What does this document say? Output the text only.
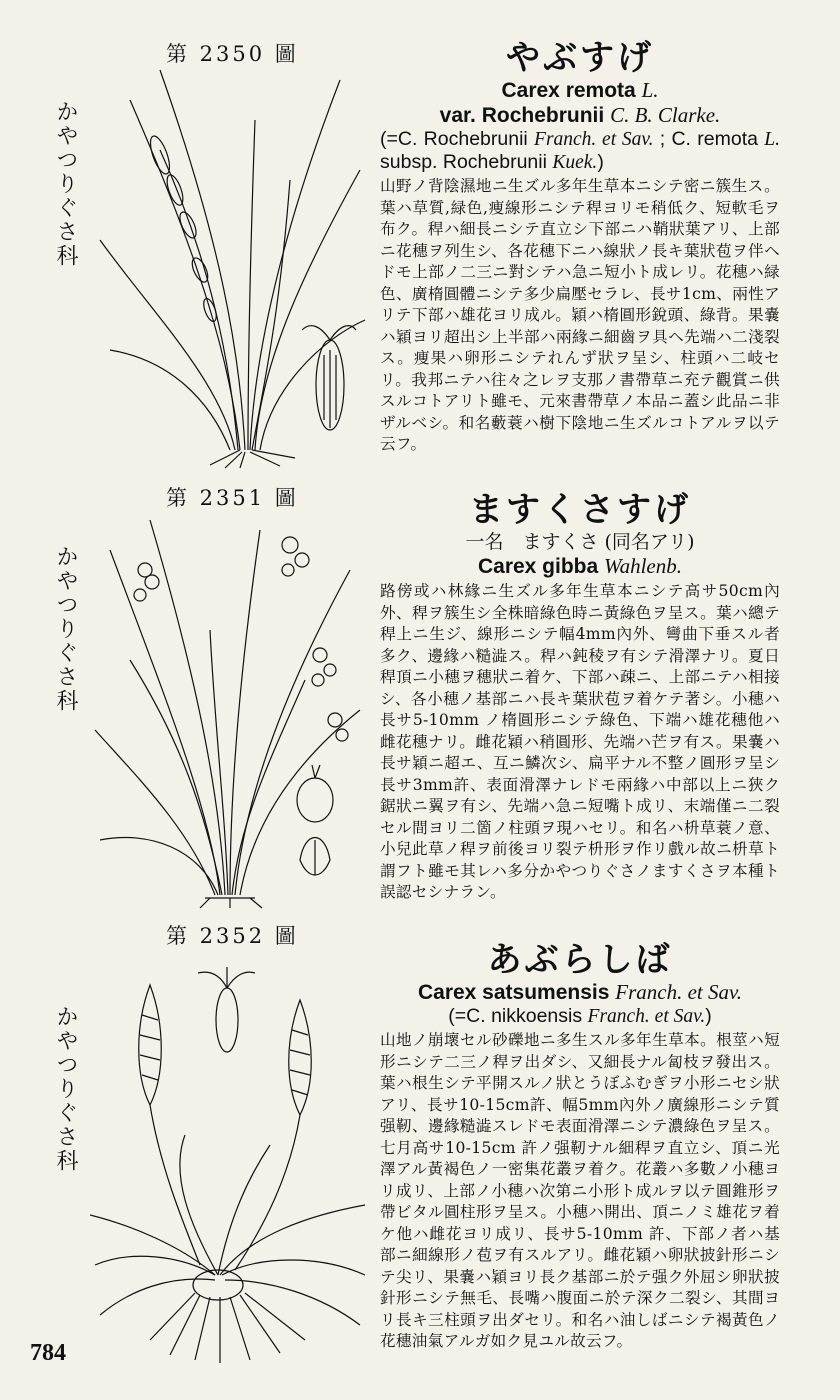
第 2350 圖
かやつりぐさ科
やぶすげ
Carex remota L.
var. Rochebrunii C. B. Clarke.
(=C. Rochebrunii Franch. et Sav. ; C. remota L. subsp. Rochebrunii Kuek.)
山野ノ背陰濕地ニ生ズル多年生草本ニシテ密ニ簇生ス。葉ハ草質,緑色,痩線形ニシテ稈ヨリモ稍低ク、短軟毛ヲ布ク。稈ハ細長ニシテ直立シ下部ニハ鞘狀葉アリ、上部ニ花穗ヲ列生シ、各花穗下ニハ線狀ノ長キ葉狀苞ヲ伴ヘドモ上部ノ二三ニ對シテハ急ニ短小ト成レリ。花穗ハ緑色、廣楕圓體ニシテ多少扁壓セラレ、長サ1cm、兩性アリテ下部ハ雄花ヨリ成ル。穎ハ楕圓形銳頭、綠背。果嚢ハ穎ヨリ超出シ上半部ハ兩緣ニ細齒ヲ具ヘ先端ハ二淺裂ス。痩果ハ卵形ニシテれんず狀ヲ呈シ、柱頭ハ二岐セリ。我邦ニテハ往々之レヲ支那ノ書帶草ニ充テ觀賞ニ供スルコトアリト雖モ、元來書帶草ノ本品ニ蓋シ此品ニ非ザルベシ。和名藪蓑ハ樹下陰地ニ生ズルコトアルヲ以テ云フ。
第 2351 圖
かやつりぐさ科
ますくさすげ
一名　ますくさ (同名アリ)
Carex gibba Wahlenb.
路傍或ハ林緣ニ生ズル多年生草本ニシテ高サ50cm內外、稈ヲ簇生シ全株暗綠色時ニ黃綠色ヲ呈ス。葉ハ總テ稈上ニ生ジ、線形ニシテ幅4mm內外、彎曲下垂スル者多ク、邊緣ハ糙澁ス。稈ハ鈍稜ヲ有シテ滑澤ナリ。夏日稈頂ニ小穗ヲ穗狀ニ着ケ、下部ハ疎ニ、上部ニテハ相接シ、各小穗ノ基部ニハ長キ葉狀苞ヲ着ケテ著シ。小穗ハ長サ5-10mm ノ楕圓形ニシテ綠色、下端ハ雄花穗他ハ雌花穗ナリ。雌花穎ハ稍圓形、先端ハ芒ヲ有ス。果嚢ハ長サ穎ニ超エ、互ニ鱗次シ、扁平ナル不整ノ圓形ヲ呈シ長サ3mm許、表面滑澤ナレドモ兩緣ハ中部以上ニ狹ク鋸狀ニ翼ヲ有シ、先端ハ急ニ短嘴ト成リ、末端僅ニ二裂セル間ヨリ二箇ノ柱頭ヲ現ハセリ。和名ハ枡草蓑ノ意、小兒此草ノ稈ヲ前後ヨリ裂テ枡形ヲ作リ戲ル故ニ枡草ト謂フト雖モ其レハ多分かやつりぐさノますくさヲ本種ト誤認セシナラン。
第 2352 圖
かやつりぐさ科
あぶらしば
Carex satsumensis Franch. et Sav.
(=C. nikkoensis Franch. et Sav.)
山地ノ崩壞セル砂礫地ニ多生スル多年生草本。根莖ハ短形ニシテ二三ノ稈ヲ出ダシ、又細長ナル匐枝ヲ發出ス。葉ハ根生シテ平開スルノ狀とうぼふむぎヲ小形ニセシ狀アリ、長サ10-15cm許、幅5mm內外ノ廣線形ニシテ質强靭、邊緣糙澁スレドモ表面滑澤ニシテ濃綠色ヲ呈ス。七月高サ10-15cm 許ノ强靭ナル細稈ヲ直立シ、頂ニ光澤アル黃褐色ノ一密集花叢ヲ着ク。花叢ハ多數ノ小穗ヨリ成リ、上部ノ小穗ハ次第ニ小形ト成ルヲ以テ圓錐形ヲ帶ビタル圓柱形ヲ呈ス。小穗ハ開出、頂ニノミ雄花ヲ着ケ他ハ雌花ヨリ成リ、長サ5-10mm 許、下部ノ者ハ基部ニ細線形ノ苞ヲ有スルアリ。雌花穎ハ卵狀披針形ニシテ尖リ、果嚢ハ穎ヨリ長ク基部ニ於テ强ク外屈シ卵狀披針形ニシテ無毛、長嘴ハ腹面ニ於テ深ク二裂シ、其間ヨリ長キ三柱頭ヲ出ダセリ。和名ハ油しばニシテ褐黃色ノ花穗油氣アルガ如ク見ユル故云フ。
784
